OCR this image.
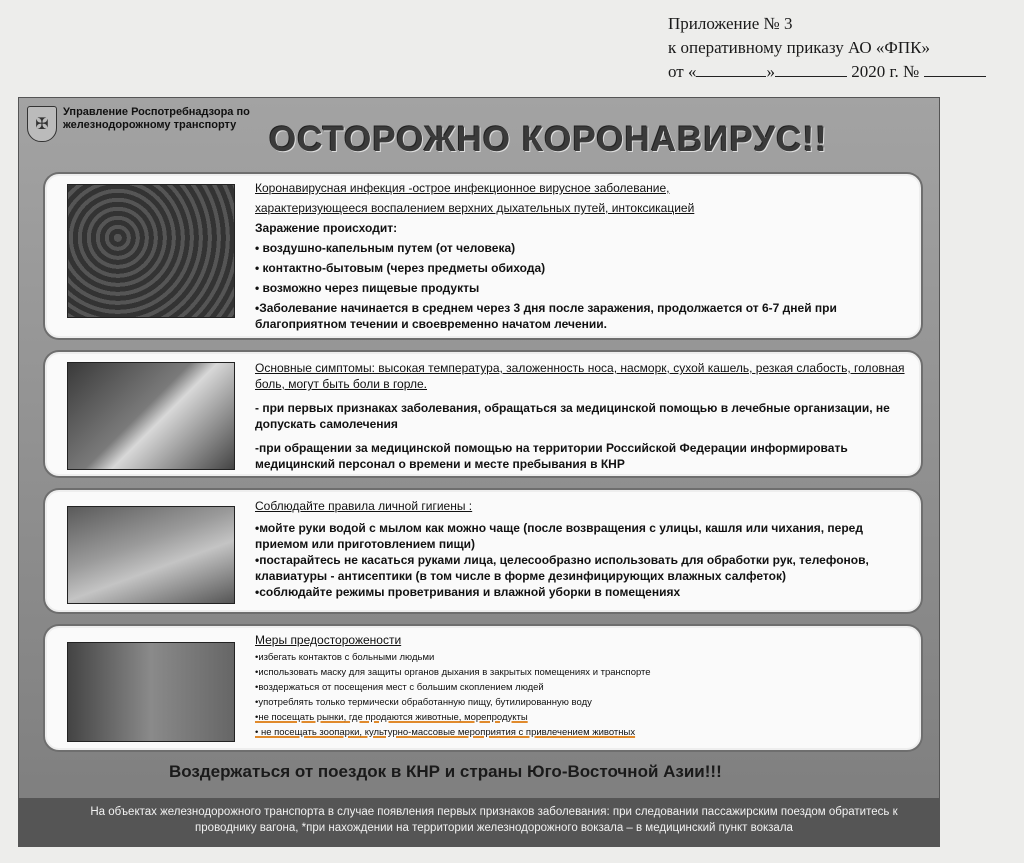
Приложение № 3
к оперативному приказу АО «ФПК»
от «	»	2020 г. №
✠
Управление Роспотребнадзора по железнодорожному транспорту ОСТОРОЖНО КОРОНАВИРУС!!

Коронавирусная инфекция -острое инфекционное вирусное заболевание,

характеризующееся воспалением верхних дыхательных путей, интоксикацией

Заражение происходит:

• воздушно-капельным путем (от человека)

• контактно-бытовым (через предметы обихода)

• возможно через пищевые продукты

•Заболевание начинается в среднем через 3 дня после заражения, продолжается от 6-7 дней при благоприятном течении и своевременно начатом лечении.

Основные симптомы: высокая температура, заложенность носа, насморк, сухой кашель, резкая слабость, головная боль, могут быть боли в горле.

- при первых признаках заболевания, обращаться за медицинской помощью в лечебные организации, не допускать самолечения

-при обращении за медицинской помощью на территории Российской Федерации информировать медицинский персонал о времени и месте пребывания в КНР

Соблюдайте правила личной гигиены :

•мойте руки водой с мылом как можно чаще (после возвращения с улицы, кашля или чихания, перед приемом или приготовлением пищи)

•постарайтесь не касаться руками лица, целесообразно использовать для обработки рук, телефонов, клавиатуры - антисептики (в том числе в форме дезинфицирующих влажных салфеток)

•соблюдайте режимы проветривания и влажной уборки в помещениях

Меры предосторожености

•избегать контактов с больными людьми

•использовать маску для защиты органов дыхания в закрытых помещениях и транспорте

•воздержаться от посещения мест с большим скоплением людей

•употреблять только термически обработанную пищу, бутилированную воду

•не посещать рынки, где продаются животные, морепродукты

• не посещать зоопарки, культурно-массовые мероприятия с привлечением животных

Воздержаться от поездок в КНР и страны Юго-Восточной Азии!!!
На объектах железнодорожного транспорта в случае появления первых признаков заболевания: при следовании пассажирским поездом обратитесь к проводнику вагона, *при нахождении на территории железнодорожного вокзала – в медицинский пункт вокзала
